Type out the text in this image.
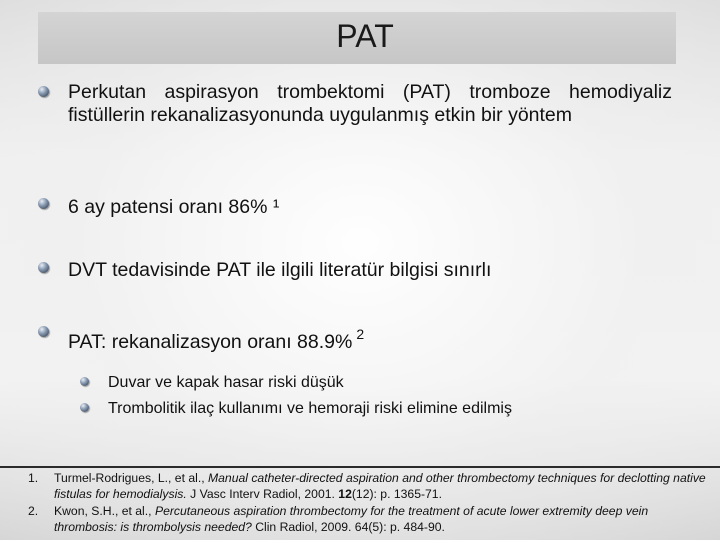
PAT
Perkutan aspirasyon trombektomi (PAT) tromboze hemodiyaliz fistüllerin rekanalizasyonunda uygulanmış etkin bir yöntem
6 ay patensi oranı 86% ¹
DVT tedavisinde PAT ile ilgili literatür bilgisi sınırlı
PAT: rekanalizasyon oranı 88.9% $^2$
Duvar ve kapak hasar riski düşük
Trombolitik ilaç kullanımı ve hemoraji riski elimine edilmiş
1. Turmel-Rodrigues, L., et al., Manual catheter-directed aspiration and other thrombectomy techniques for declotting native fistulas for hemodialysis. J Vasc Interv Radiol, 2001. 12(12): p. 1365-71.
2. Kwon, S.H., et al., Percutaneous aspiration thrombectomy for the treatment of acute lower extremity deep vein thrombosis: is thrombolysis needed? Clin Radiol, 2009. 64(5): p. 484-90.
